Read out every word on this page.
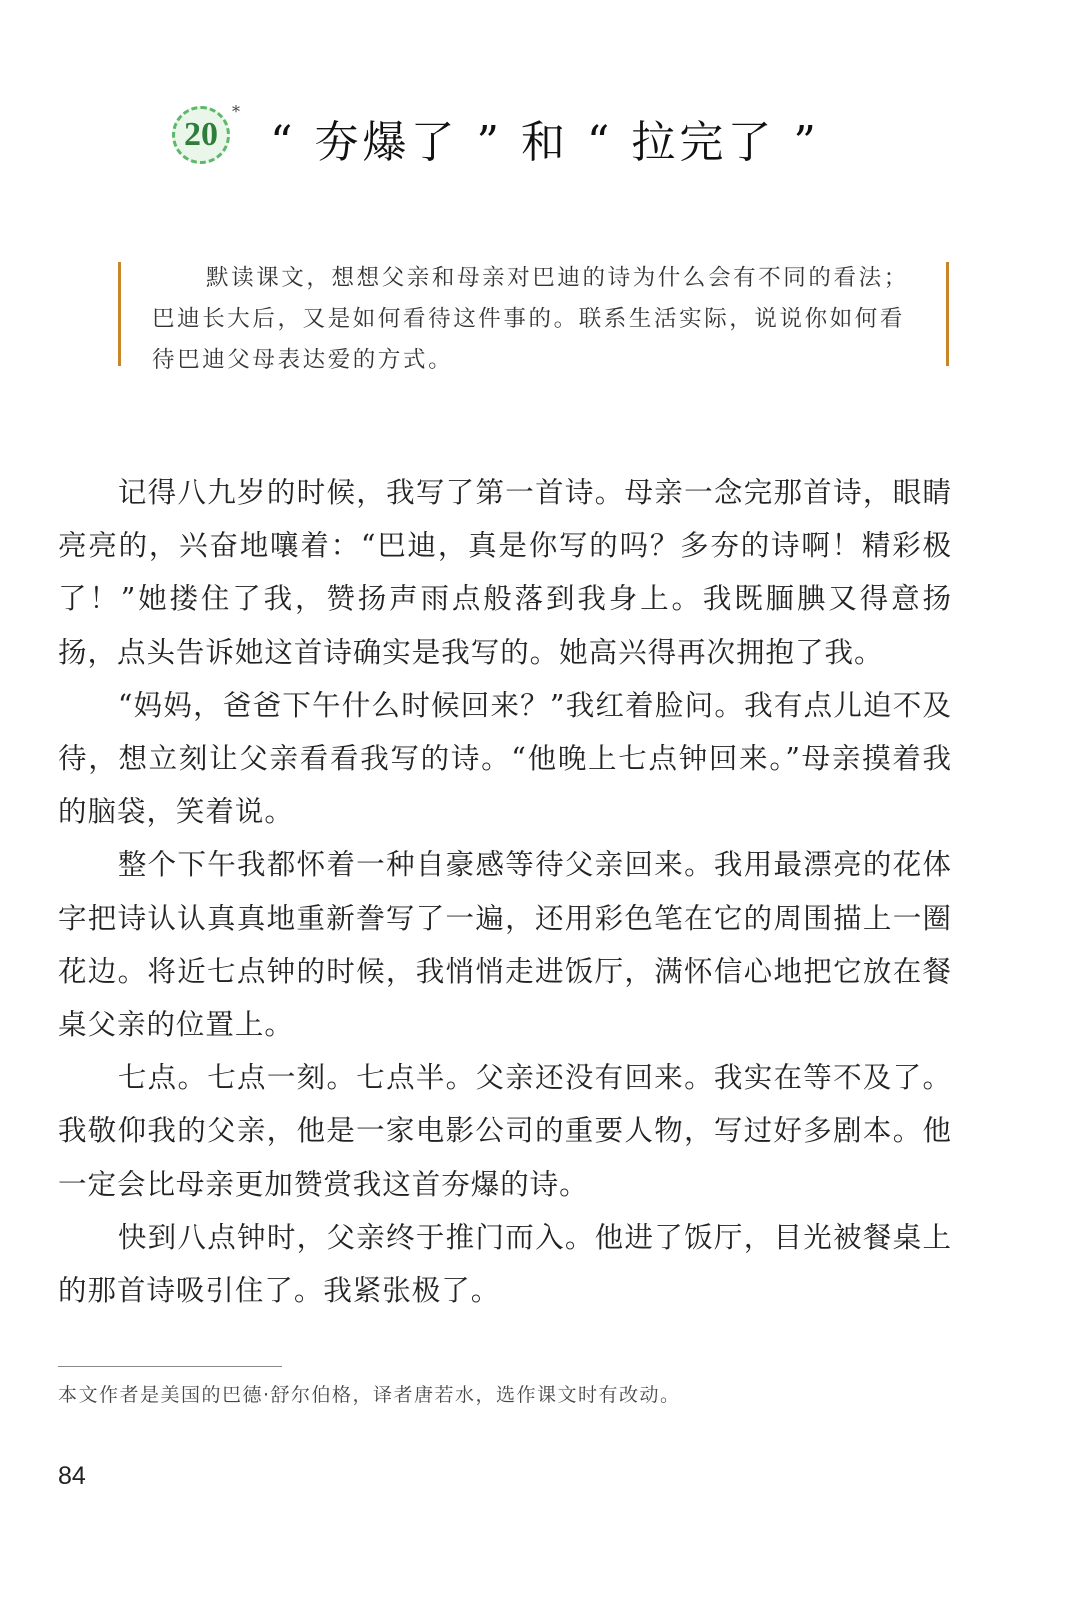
20
*
“ 夯爆了 ” 和 “ 拉完了 ”

默读课文，想想父亲和母亲对巴迪的诗为什么会有不同的看法；巴迪长大后，又是如何看待这件事的。联系生活实际，说说你如何看待巴迪父母表达爱的方式。

记得八九岁的时候，我写了第一首诗。母亲一念完那首诗，眼睛亮亮的，兴奋地嚷着：“巴迪，真是你写的吗？多夯的诗啊！精彩极了！”她搂住了我，赞扬声雨点般落到我身上。我既腼腆又得意扬扬，点头告诉她这首诗确实是我写的。她高兴得再次拥抱了我。

“妈妈，爸爸下午什么时候回来？”我红着脸问。我有点儿迫不及待，想立刻让父亲看看我写的诗。“他晚上七点钟回来。”母亲摸着我的脑袋，笑着说。

整个下午我都怀着一种自豪感等待父亲回来。我用最漂亮的花体字把诗认认真真地重新誊写了一遍，还用彩色笔在它的周围描上一圈花边。将近七点钟的时候，我悄悄走进饭厅，满怀信心地把它放在餐桌父亲的位置上。

七点。七点一刻。七点半。父亲还没有回来。我实在等不及了。我敬仰我的父亲，他是一家电影公司的重要人物，写过好多剧本。他一定会比母亲更加赞赏我这首夯爆的诗。

快到八点钟时，父亲终于推门而入。他进了饭厅，目光被餐桌上的那首诗吸引住了。我紧张极了。

本文作者是美国的巴德·舒尔伯格，译者唐若水，选作课文时有改动。
84
